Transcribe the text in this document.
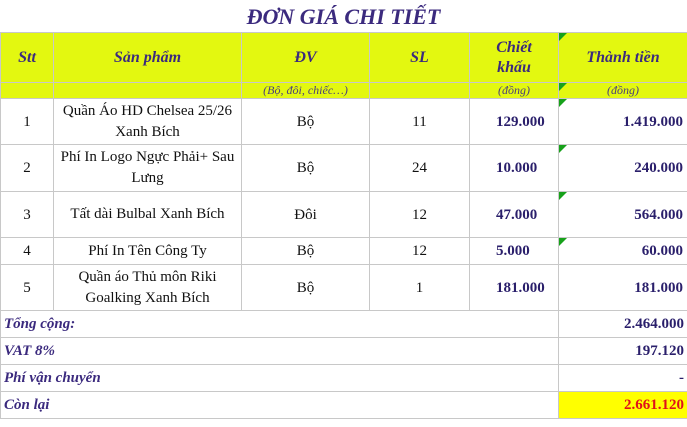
ĐƠN GIÁ CHI TIẾT
Stt	Sản phẩm	ĐV	SL	Chiết khấu	Thành tiền

		(Bộ, đôi, chiếc…)		(đồng)	(đồng)

1	Quần Áo HD Chelsea 25/26 Xanh Bích	Bộ	11	129.000	1.419.000

2	Phí In Logo Ngực Phải+ Sau Lưng	Bộ	24	10.000	240.000

3	Tất dài Bulbal Xanh Bích	Đôi	12	47.000	564.000

4	Phí In Tên Công Ty	Bộ	12	5.000	60.000

5	Quần áo Thủ môn Riki Goalking Xanh Bích	Bộ	1	181.000	181.000
Tổng cộng:					2.464.000
VAT 8%					197.120
Phí vận chuyển					-
Còn lại					2.661.120
